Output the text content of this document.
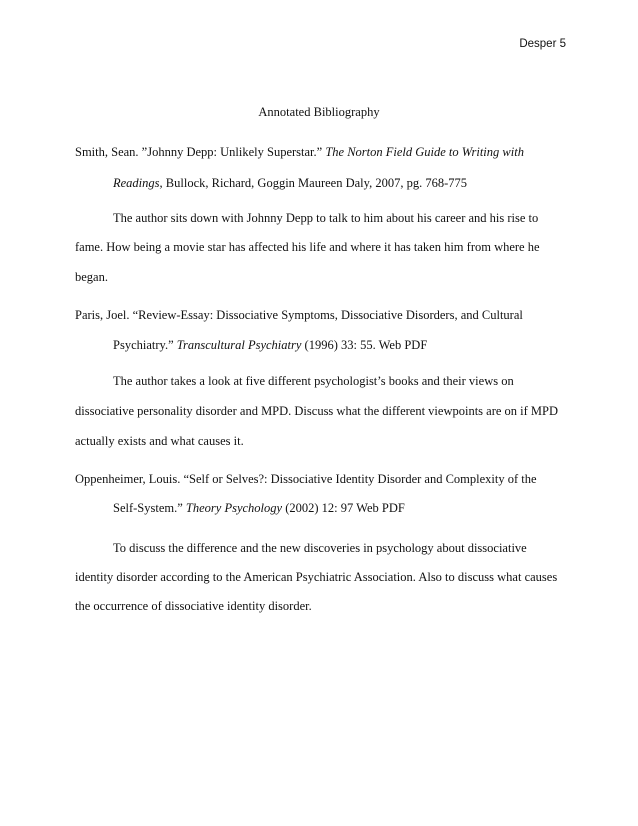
Desper 5
Annotated Bibliography
Smith, Sean. ”Johnny Depp: Unlikely Superstar.” The Norton Field Guide to Writing with
Readings, Bullock, Richard, Goggin Maureen Daly, 2007, pg. 768-775
The author sits down with Johnny Depp to talk to him about his career and his rise to
fame. How being a movie star has affected his life and where it has taken him from where he
began.
Paris, Joel. “Review-Essay: Dissociative Symptoms, Dissociative Disorders, and Cultural
Psychiatry.” Transcultural Psychiatry (1996) 33: 55. Web PDF
The author takes a look at five different psychologist’s books and their views on
dissociative personality disorder and MPD. Discuss what the different viewpoints are on if MPD
actually exists and what causes it.
Oppenheimer, Louis. “Self or Selves?: Dissociative Identity Disorder and Complexity of the
Self-System.” Theory Psychology (2002) 12: 97 Web PDF
To discuss the difference and the new discoveries in psychology about dissociative
identity disorder according to the American Psychiatric Association. Also to discuss what causes
the occurrence of dissociative identity disorder.
